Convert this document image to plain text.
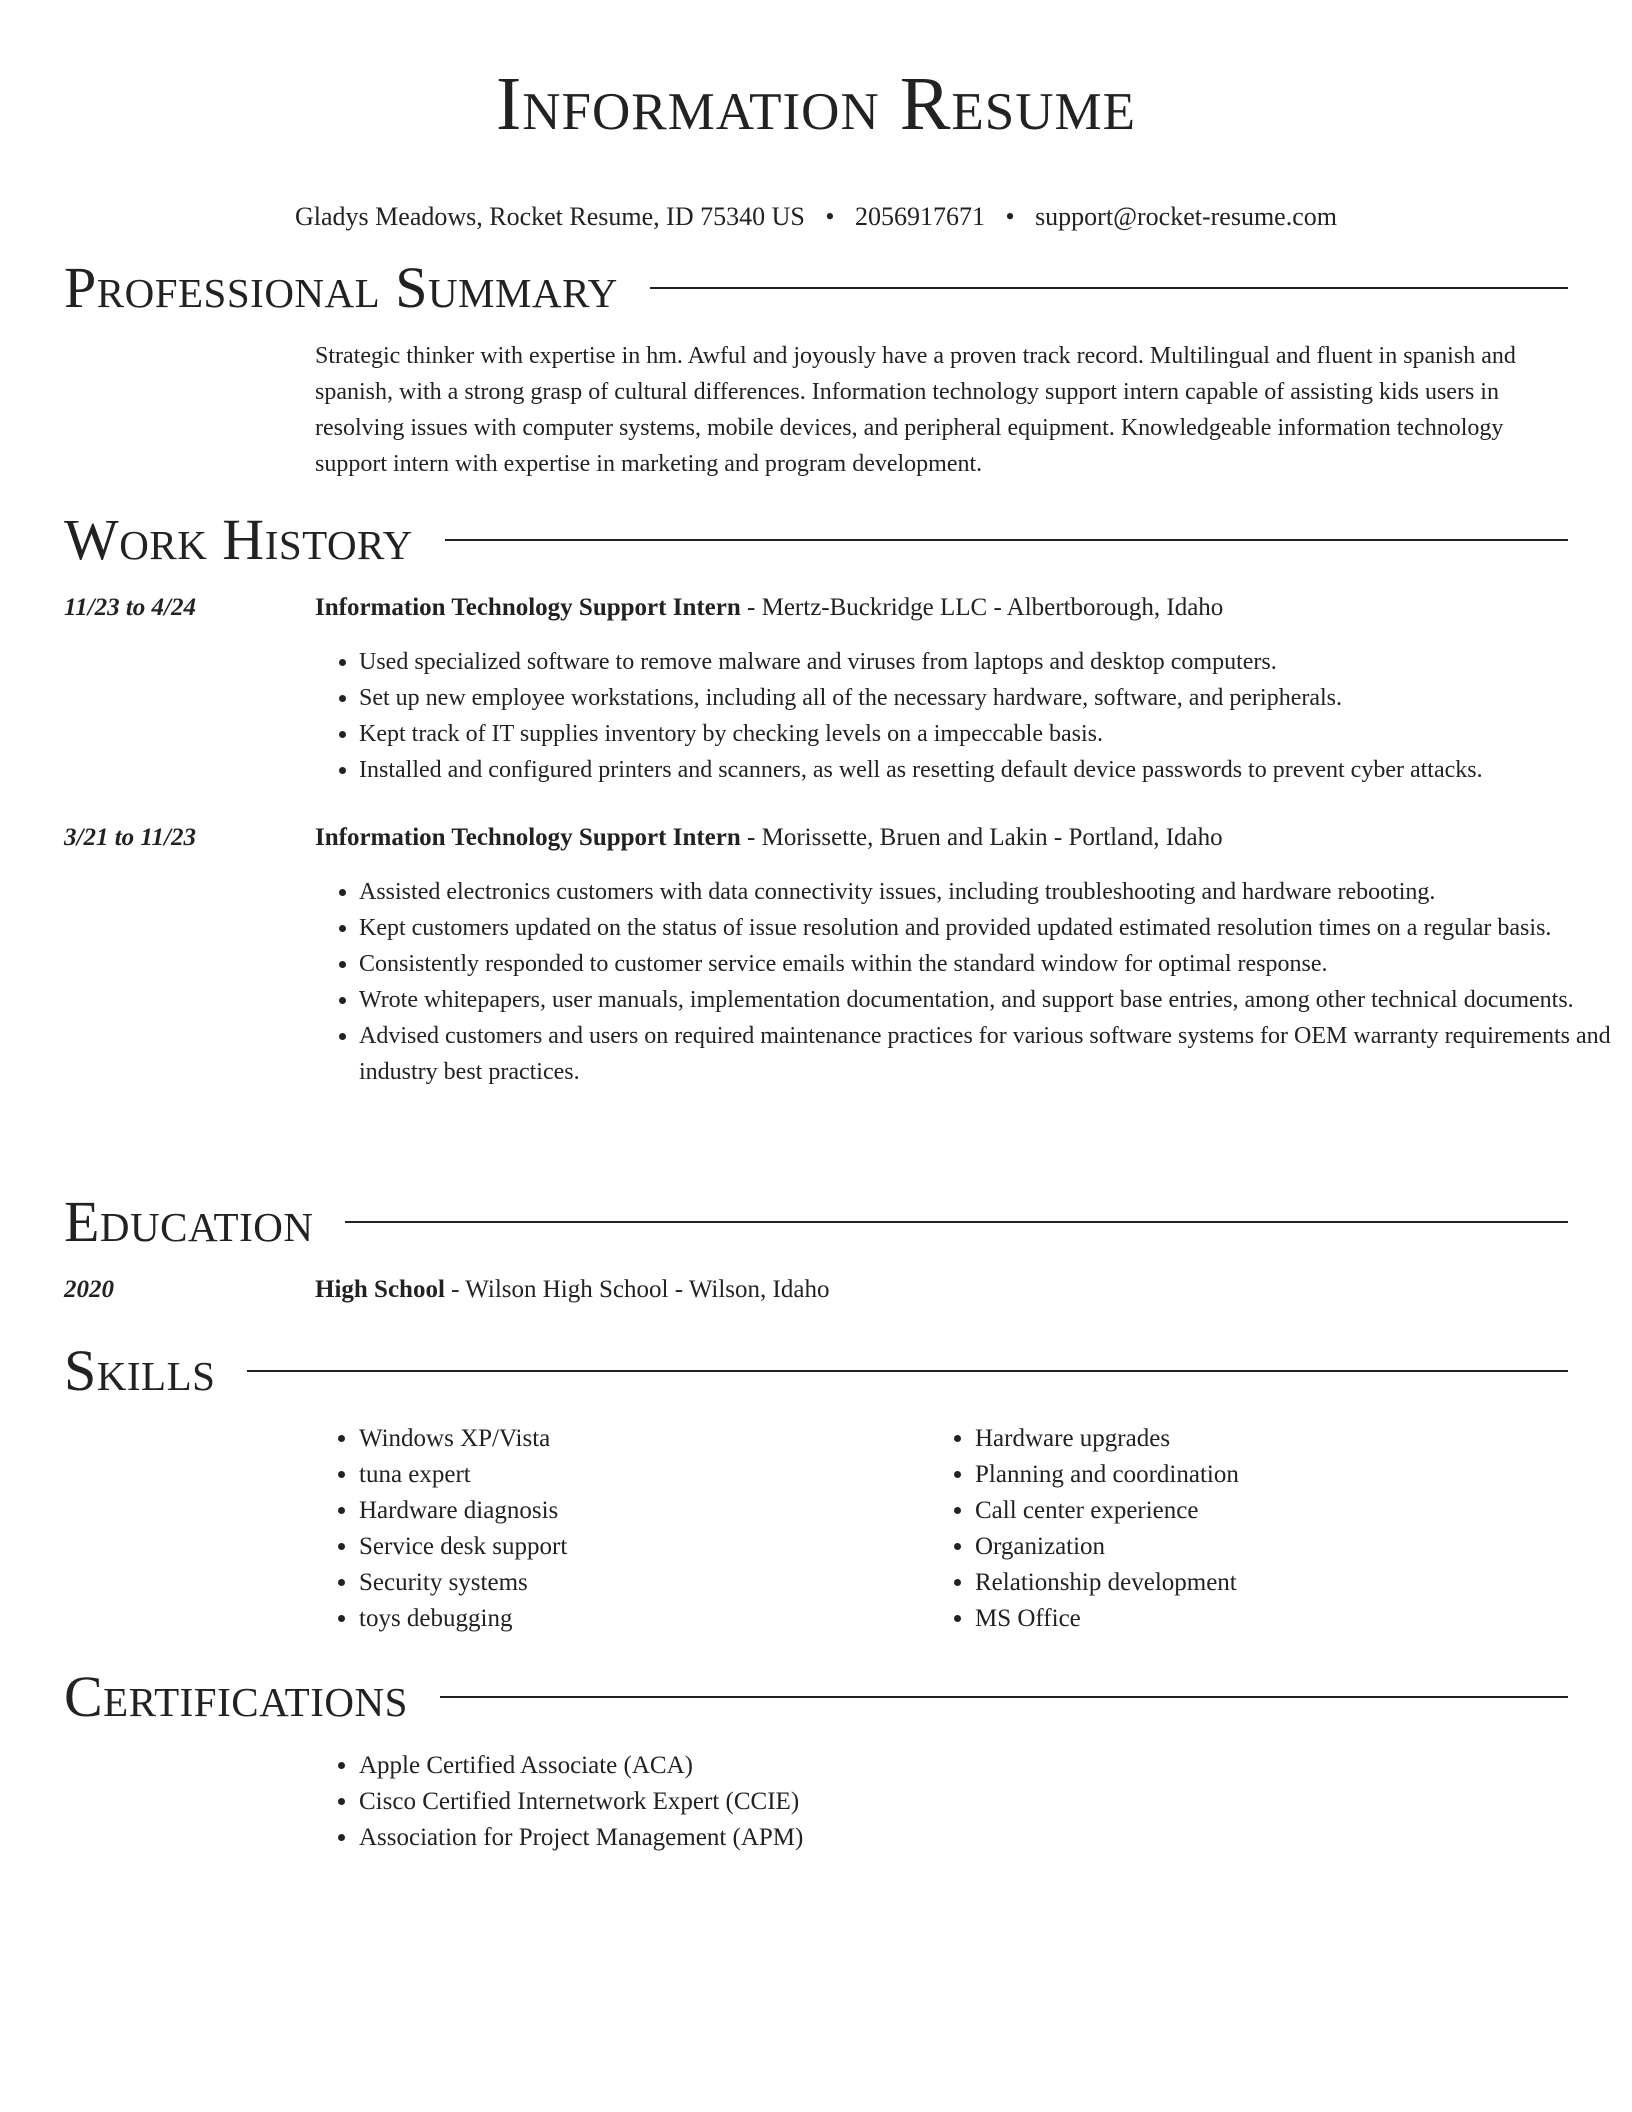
Information Resume
Gladys Meadows, Rocket Resume, ID 75340 US • 2056917671 • support@rocket-resume.com
Professional Summary
Strategic thinker with expertise in hm. Awful and joyously have a proven track record. Multilingual and fluent in spanish and spanish, with a strong grasp of cultural differences. Information technology support intern capable of assisting kids users in resolving issues with computer systems, mobile devices, and peripheral equipment. Knowledgeable information technology support intern with expertise in marketing and program development.
Work History
11/23 to 4/24	Information Technology Support Intern - Mertz-Buckridge LLC - Albertborough, Idaho
• Used specialized software to remove malware and viruses from laptops and desktop computers.
• Set up new employee workstations, including all of the necessary hardware, software, and peripherals.
• Kept track of IT supplies inventory by checking levels on a impeccable basis.
• Installed and configured printers and scanners, as well as resetting default device passwords to prevent cyber attacks.
3/21 to 11/23	Information Technology Support Intern - Morissette, Bruen and Lakin - Portland, Idaho
• Assisted electronics customers with data connectivity issues, including troubleshooting and hardware rebooting.
• Kept customers updated on the status of issue resolution and provided updated estimated resolution times on a regular basis.
• Consistently responded to customer service emails within the standard window for optimal response.
• Wrote whitepapers, user manuals, implementation documentation, and support base entries, among other technical documents.
• Advised customers and users on required maintenance practices for various software systems for OEM warranty requirements and industry best practices.
Education
2020	High School - Wilson High School - Wilson, Idaho
Skills
• Windows XP/Vista
• tuna expert
• Hardware diagnosis
• Service desk support
• Security systems
• toys debugging
• Hardware upgrades
• Planning and coordination
• Call center experience
• Organization
• Relationship development
• MS Office
Certifications
• Apple Certified Associate (ACA)
• Cisco Certified Internetwork Expert (CCIE)
• Association for Project Management (APM)
